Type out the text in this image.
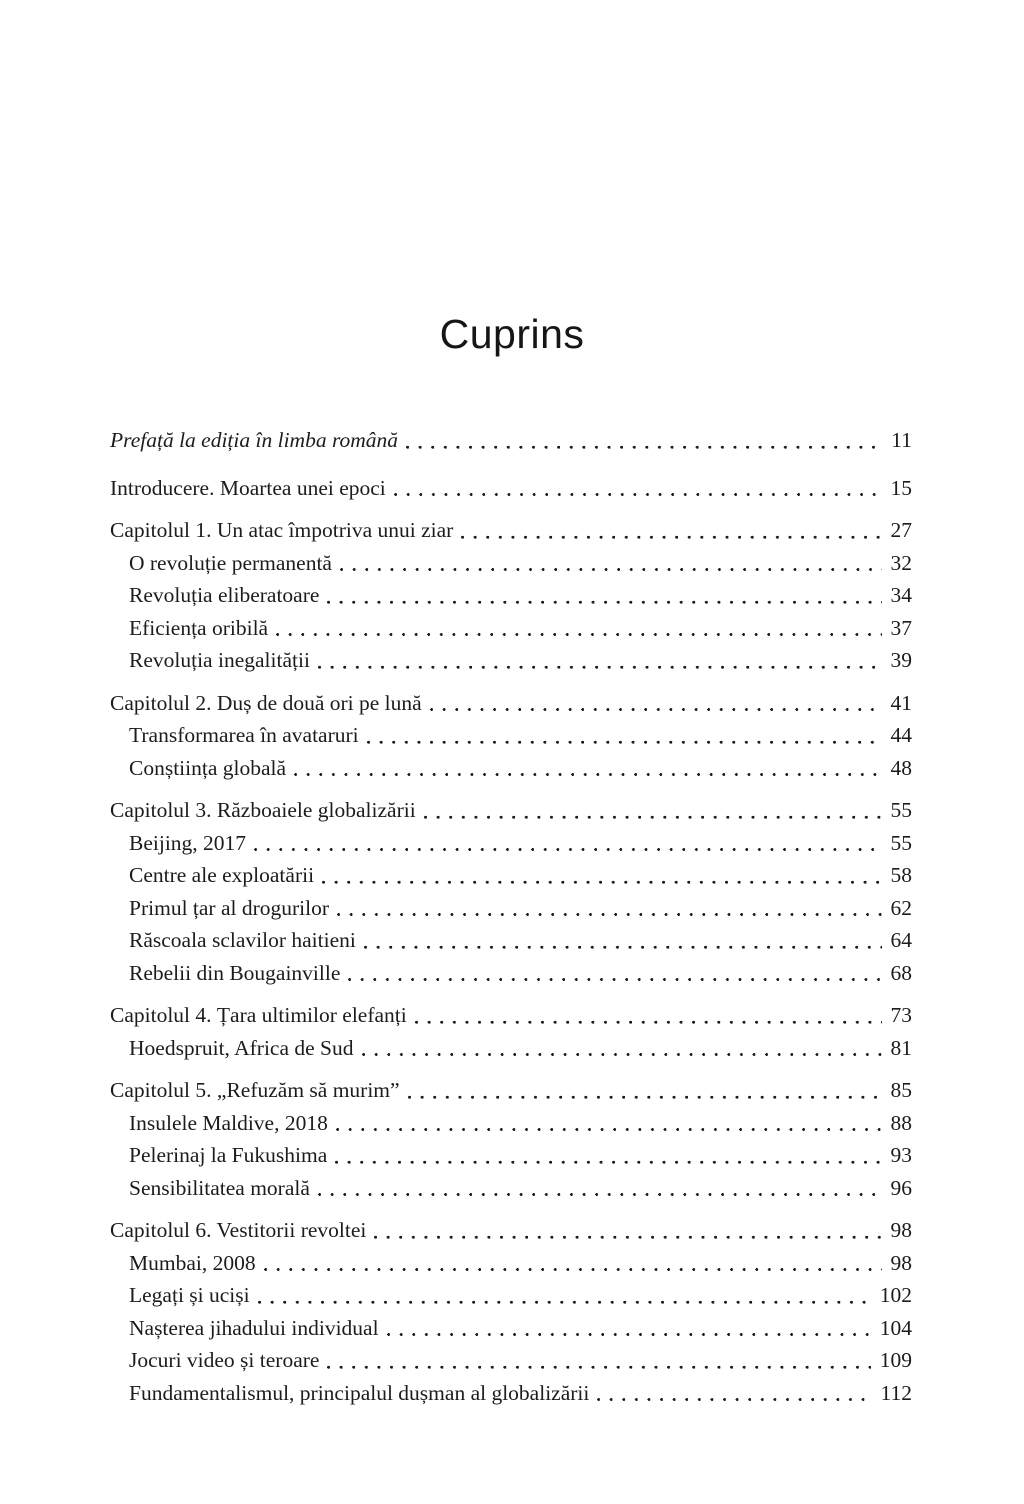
Cuprins
Prefață la ediția în limba română	11
Introducere. Moartea unei epoci	15
Capitolul 1. Un atac împotriva unui ziar	27
O revoluție permanentă	32
Revoluția eliberatoare	34
Eficiența oribilă	37
Revoluția inegalității	39
Capitolul 2. Duș de două ori pe lună	41
Transformarea în avataruri	44
Conștiința globală	48
Capitolul 3. Războaiele globalizării	55
Beijing, 2017	55
Centre ale exploatării	58
Primul țar al drogurilor	62
Răscoala sclavilor haitieni	64
Rebelii din Bougainville	68
Capitolul 4. Țara ultimilor elefanți	73
Hoedspruit, Africa de Sud	81
Capitolul 5. „Refuzăm să murim”	85
Insulele Maldive, 2018	88
Pelerinaj la Fukushima	93
Sensibilitatea morală	96
Capitolul 6. Vestitorii revoltei	98
Mumbai, 2008	98
Legați și uciși	102
Nașterea jihadului individual	104
Jocuri video și teroare	109
Fundamentalismul, principalul dușman al globalizării	112
